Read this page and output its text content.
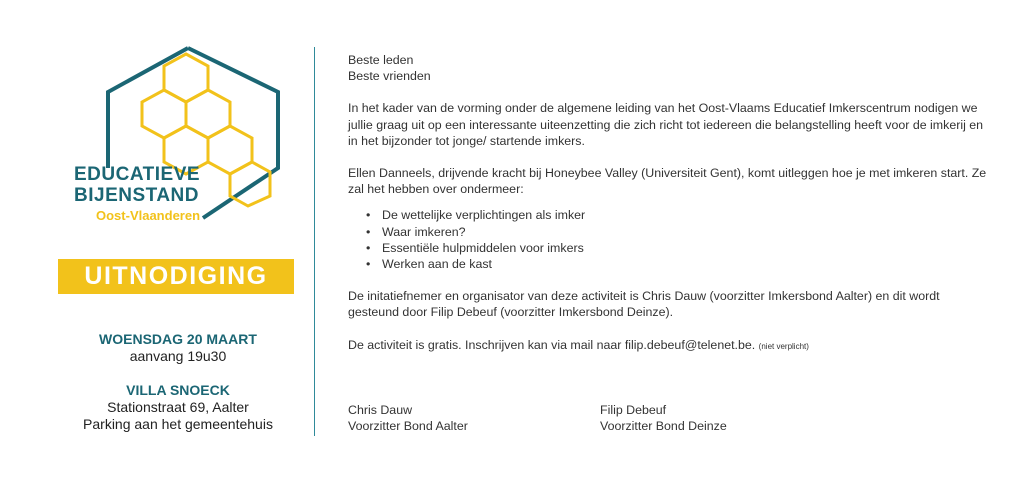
EDUCATIEVE
BIJENSTAND
Oost-Vlaanderen
UITNODIGING
WOENSDAG 20 MAART
aanvang 19u30
VILLA SNOECK
Stationstraat 69, Aalter
Parking aan het gemeentehuis

Beste leden
Beste vrienden

In het kader van de vorming onder de algemene leiding van het Oost-Vlaams Educatief Imkerscentrum nodigen we jullie graag uit op een interessante uiteenzetting die zich richt tot iedereen die belangstelling heeft voor de imkerij en in het bijzonder tot jonge/ startende imkers.

Ellen Danneels, drijvende kracht bij Honeybee Valley (Universiteit Gent), komt uitleggen hoe je met imkeren start. Ze zal het hebben over ondermeer:

• De wettelijke verplichtingen als imker
• Waar imkeren?
• Essentiële hulpmiddelen voor imkers
• Werken aan de kast

De initatiefnemer en organisator van deze activiteit is Chris Dauw (voorzitter Imkersbond Aalter) en dit wordt gesteund door Filip Debeuf (voorzitter Imkersbond Deinze).

De activiteit is gratis. Inschrijven kan via mail naar filip.debeuf@telenet.be. (niet verplicht)

Chris Dauw
Voorzitter Bond Aalter
Filip Debeuf
Voorzitter Bond Deinze
